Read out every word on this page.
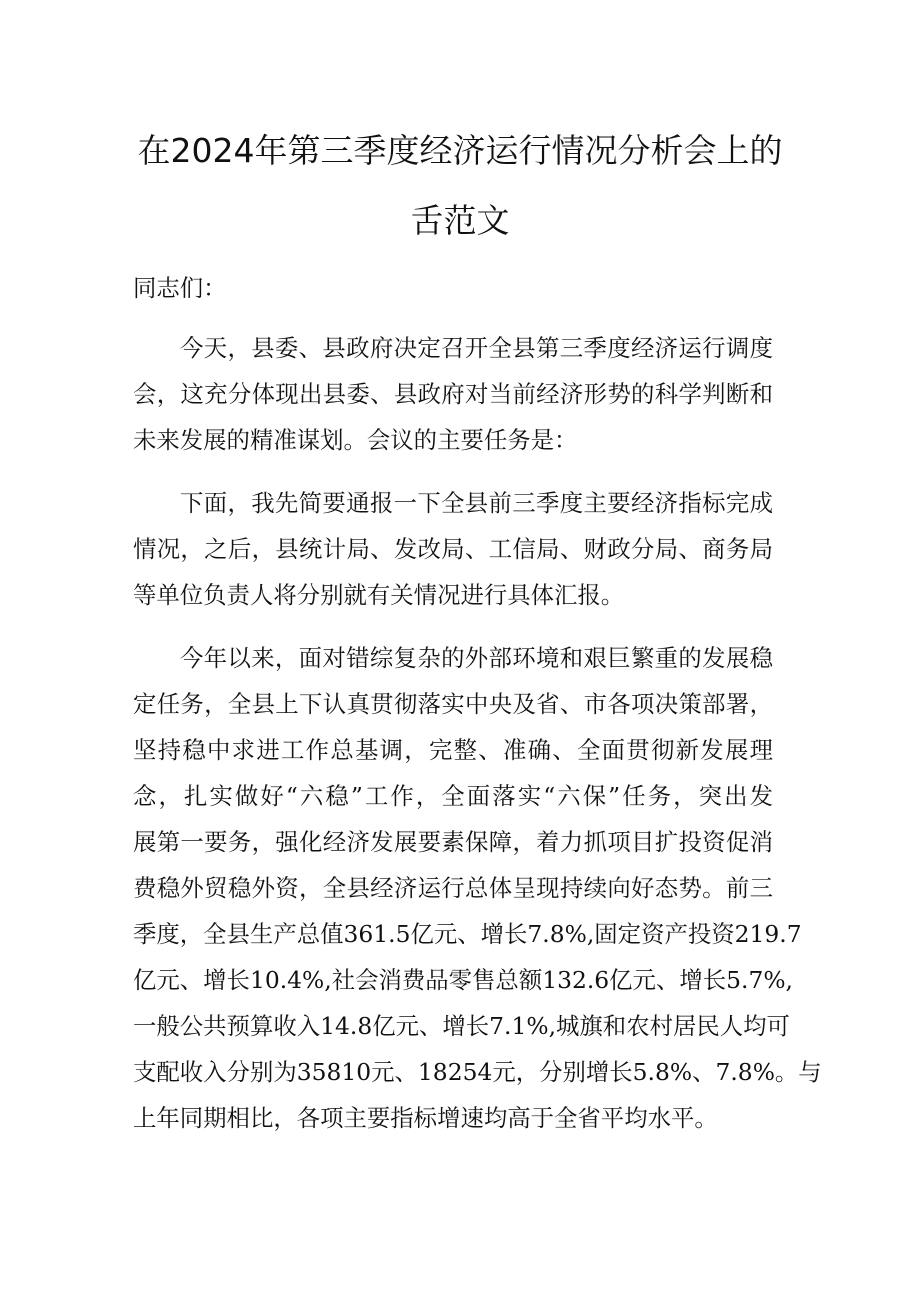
在2024年第三季度经济运行情况分析会上的
舌范文

同志们：

今天，县委、县政府决定召开全县第三季度经济运行调度

会，这充分体现出县委、县政府对当前经济形势的科学判断和

未来发展的精准谋划。会议的主要任务是：

下面，我先简要通报一下全县前三季度主要经济指标完成

情况，之后，县统计局、发改局、工信局、财政分局、商务局

等单位负责人将分别就有关情况进行具体汇报。

今年以来，面对错综复杂的外部环境和艰巨繁重的发展稳

定任务，全县上下认真贯彻落实中央及省、市各项决策部署，

坚持稳中求进工作总基调，完整、准确、全面贯彻新发展理

念，扎实做好“六稳”工作，全面落实“六保”任务，突出发

展第一要务，强化经济发展要素保障，着力抓项目扩投资促消

费稳外贸稳外资，全县经济运行总体呈现持续向好态势。前三

季度，全县生产总值361.5亿元、增长7.8%,固定资产投资219.7

亿元、增长10.4%,社会消费品零售总额132.6亿元、增长5.7%,

一般公共预算收入14.8亿元、增长7.1%,城旗和农村居民人均可

支配收入分别为35810元、18254元，分别增长5.8%、7.8%。与

上年同期相比，各项主要指标增速均高于全省平均水平。
